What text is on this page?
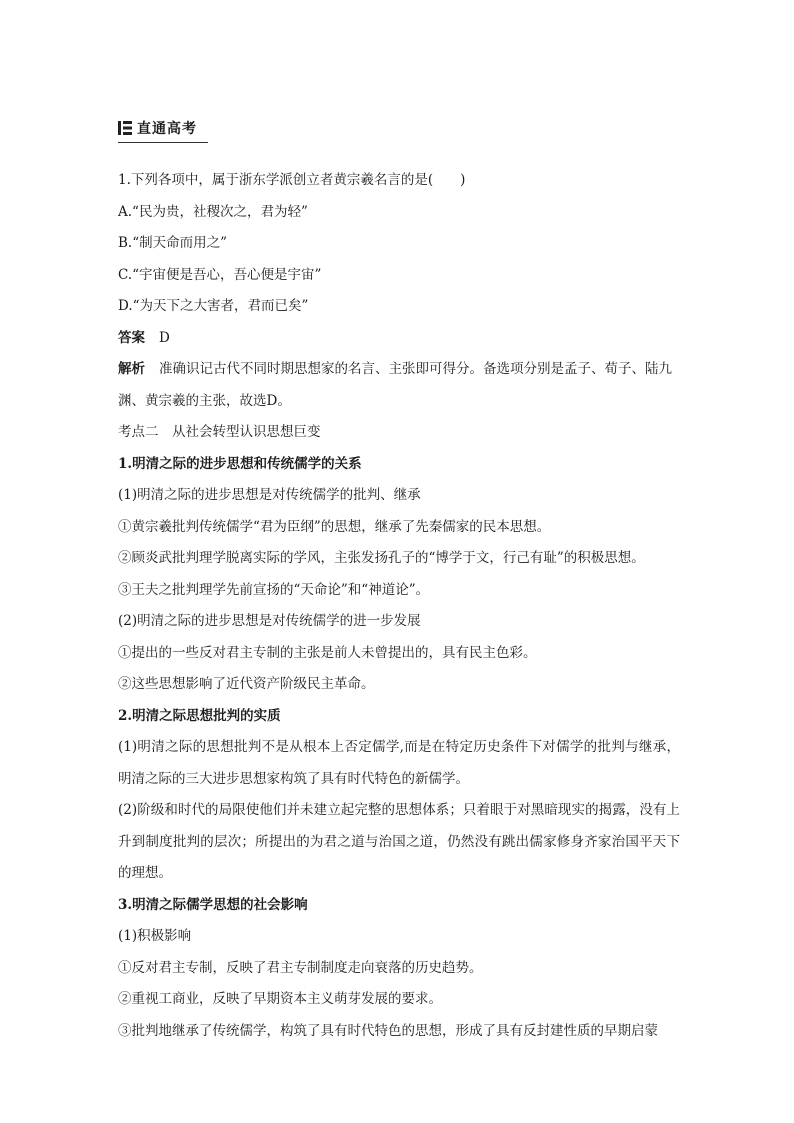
直通高考
1.下列各项中，属于浙东学派创立者黄宗羲名言的是(　　)
A.“民为贵，社稷次之，君为轻”
B.“制天命而用之”
C.“宇宙便是吾心，吾心便是宇宙”
D.“为天下之大害者，君而已矣”
答案 D
解析 准确识记古代不同时期思想家的名言、主张即可得分。备选项分别是孟子、荀子、陆九渊、黄宗羲的主张，故选D。
考点二　从社会转型认识思想巨变
1.明清之际的进步思想和传统儒学的关系
(1)明清之际的进步思想是对传统儒学的批判、继承
①黄宗羲批判传统儒学“君为臣纲”的思想，继承了先秦儒家的民本思想。
②顾炎武批判理学脱离实际的学风，主张发扬孔子的“博学于文，行己有耻”的积极思想。
③王夫之批判理学先前宣扬的“天命论”和“神道论”。
(2)明清之际的进步思想是对传统儒学的进一步发展
①提出的一些反对君主专制的主张是前人未曾提出的，具有民主色彩。
②这些思想影响了近代资产阶级民主革命。
2.明清之际思想批判的实质
(1)明清之际的思想批判不是从根本上否定儒学,而是在特定历史条件下对儒学的批判与继承，明清之际的三大进步思想家构筑了具有时代特色的新儒学。
(2)阶级和时代的局限使他们并未建立起完整的思想体系；只着眼于对黑暗现实的揭露，没有上升到制度批判的层次；所提出的为君之道与治国之道，仍然没有跳出儒家修身齐家治国平天下的理想。
3.明清之际儒学思想的社会影响
(1)积极影响
①反对君主专制，反映了君主专制制度走向衰落的历史趋势。
②重视工商业，反映了早期资本主义萌芽发展的要求。
③批判地继承了传统儒学，构筑了具有时代特色的思想，形成了具有反封建性质的早期启蒙
